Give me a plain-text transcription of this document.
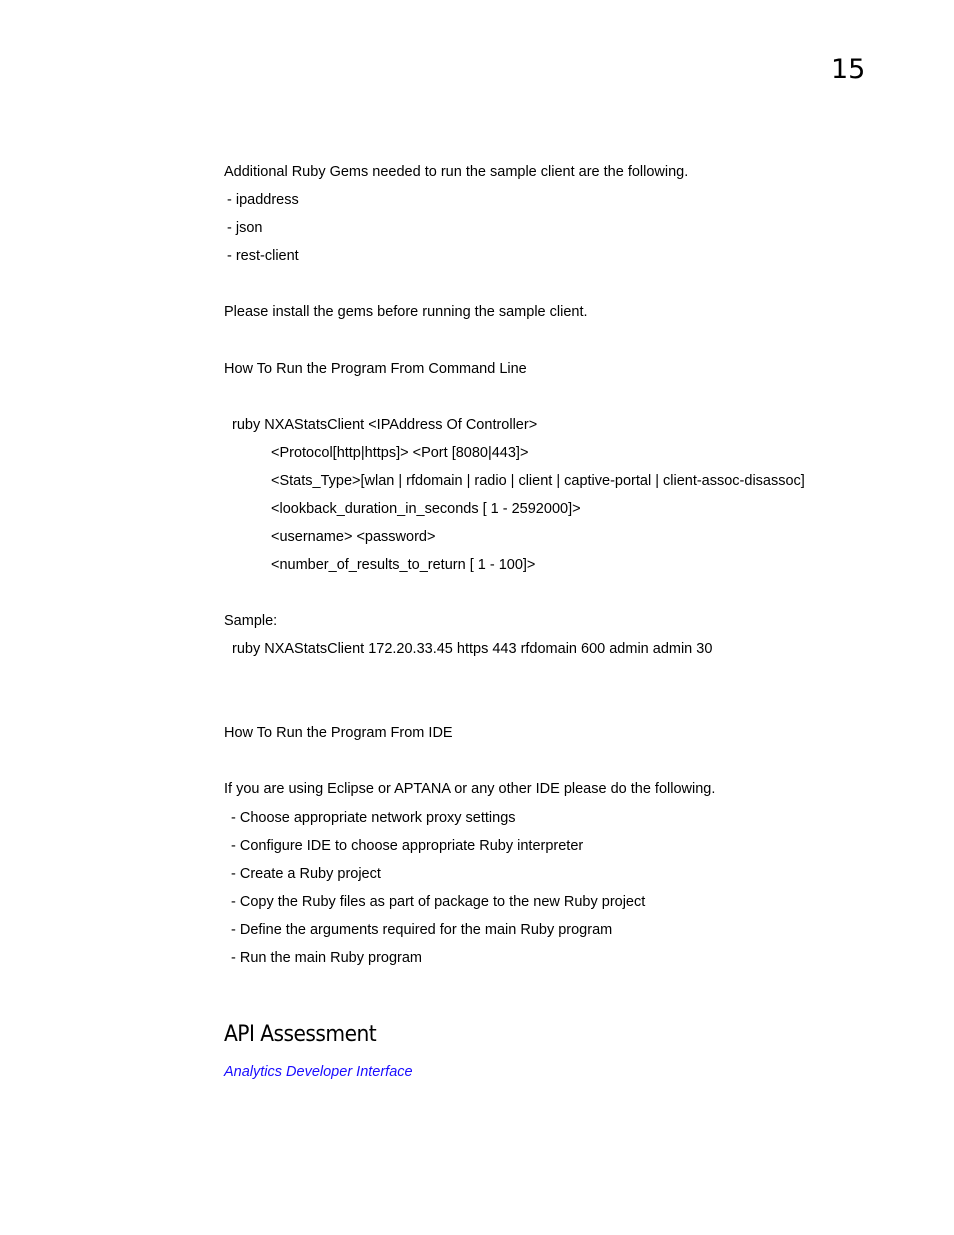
15
Additional Ruby Gems needed to run the sample client are the following.
- ipaddress
- json
- rest-client
Please install the gems before running the sample client.
How To Run the Program From Command Line
ruby NXAStatsClient <IPAddress Of Controller>
<Protocol[http|https]> <Port [8080|443]>
<Stats_Type>[wlan | rfdomain | radio | client | captive-portal | client-assoc-disassoc]
<lookback_duration_in_seconds [ 1 - 2592000]>
<username> <password>
<number_of_results_to_return [ 1 - 100]>
Sample:
ruby NXAStatsClient 172.20.33.45 https 443 rfdomain 600 admin admin 30
How To Run the Program From IDE
If you are using Eclipse or APTANA or any other IDE please do the following.
- Choose appropriate network proxy settings
- Configure IDE to choose appropriate Ruby interpreter
- Create a Ruby project
- Copy the Ruby files as part of package to the new Ruby project
- Define the arguments required for the main Ruby program
- Run the main Ruby program
API Assessment
Analytics Developer Interface
